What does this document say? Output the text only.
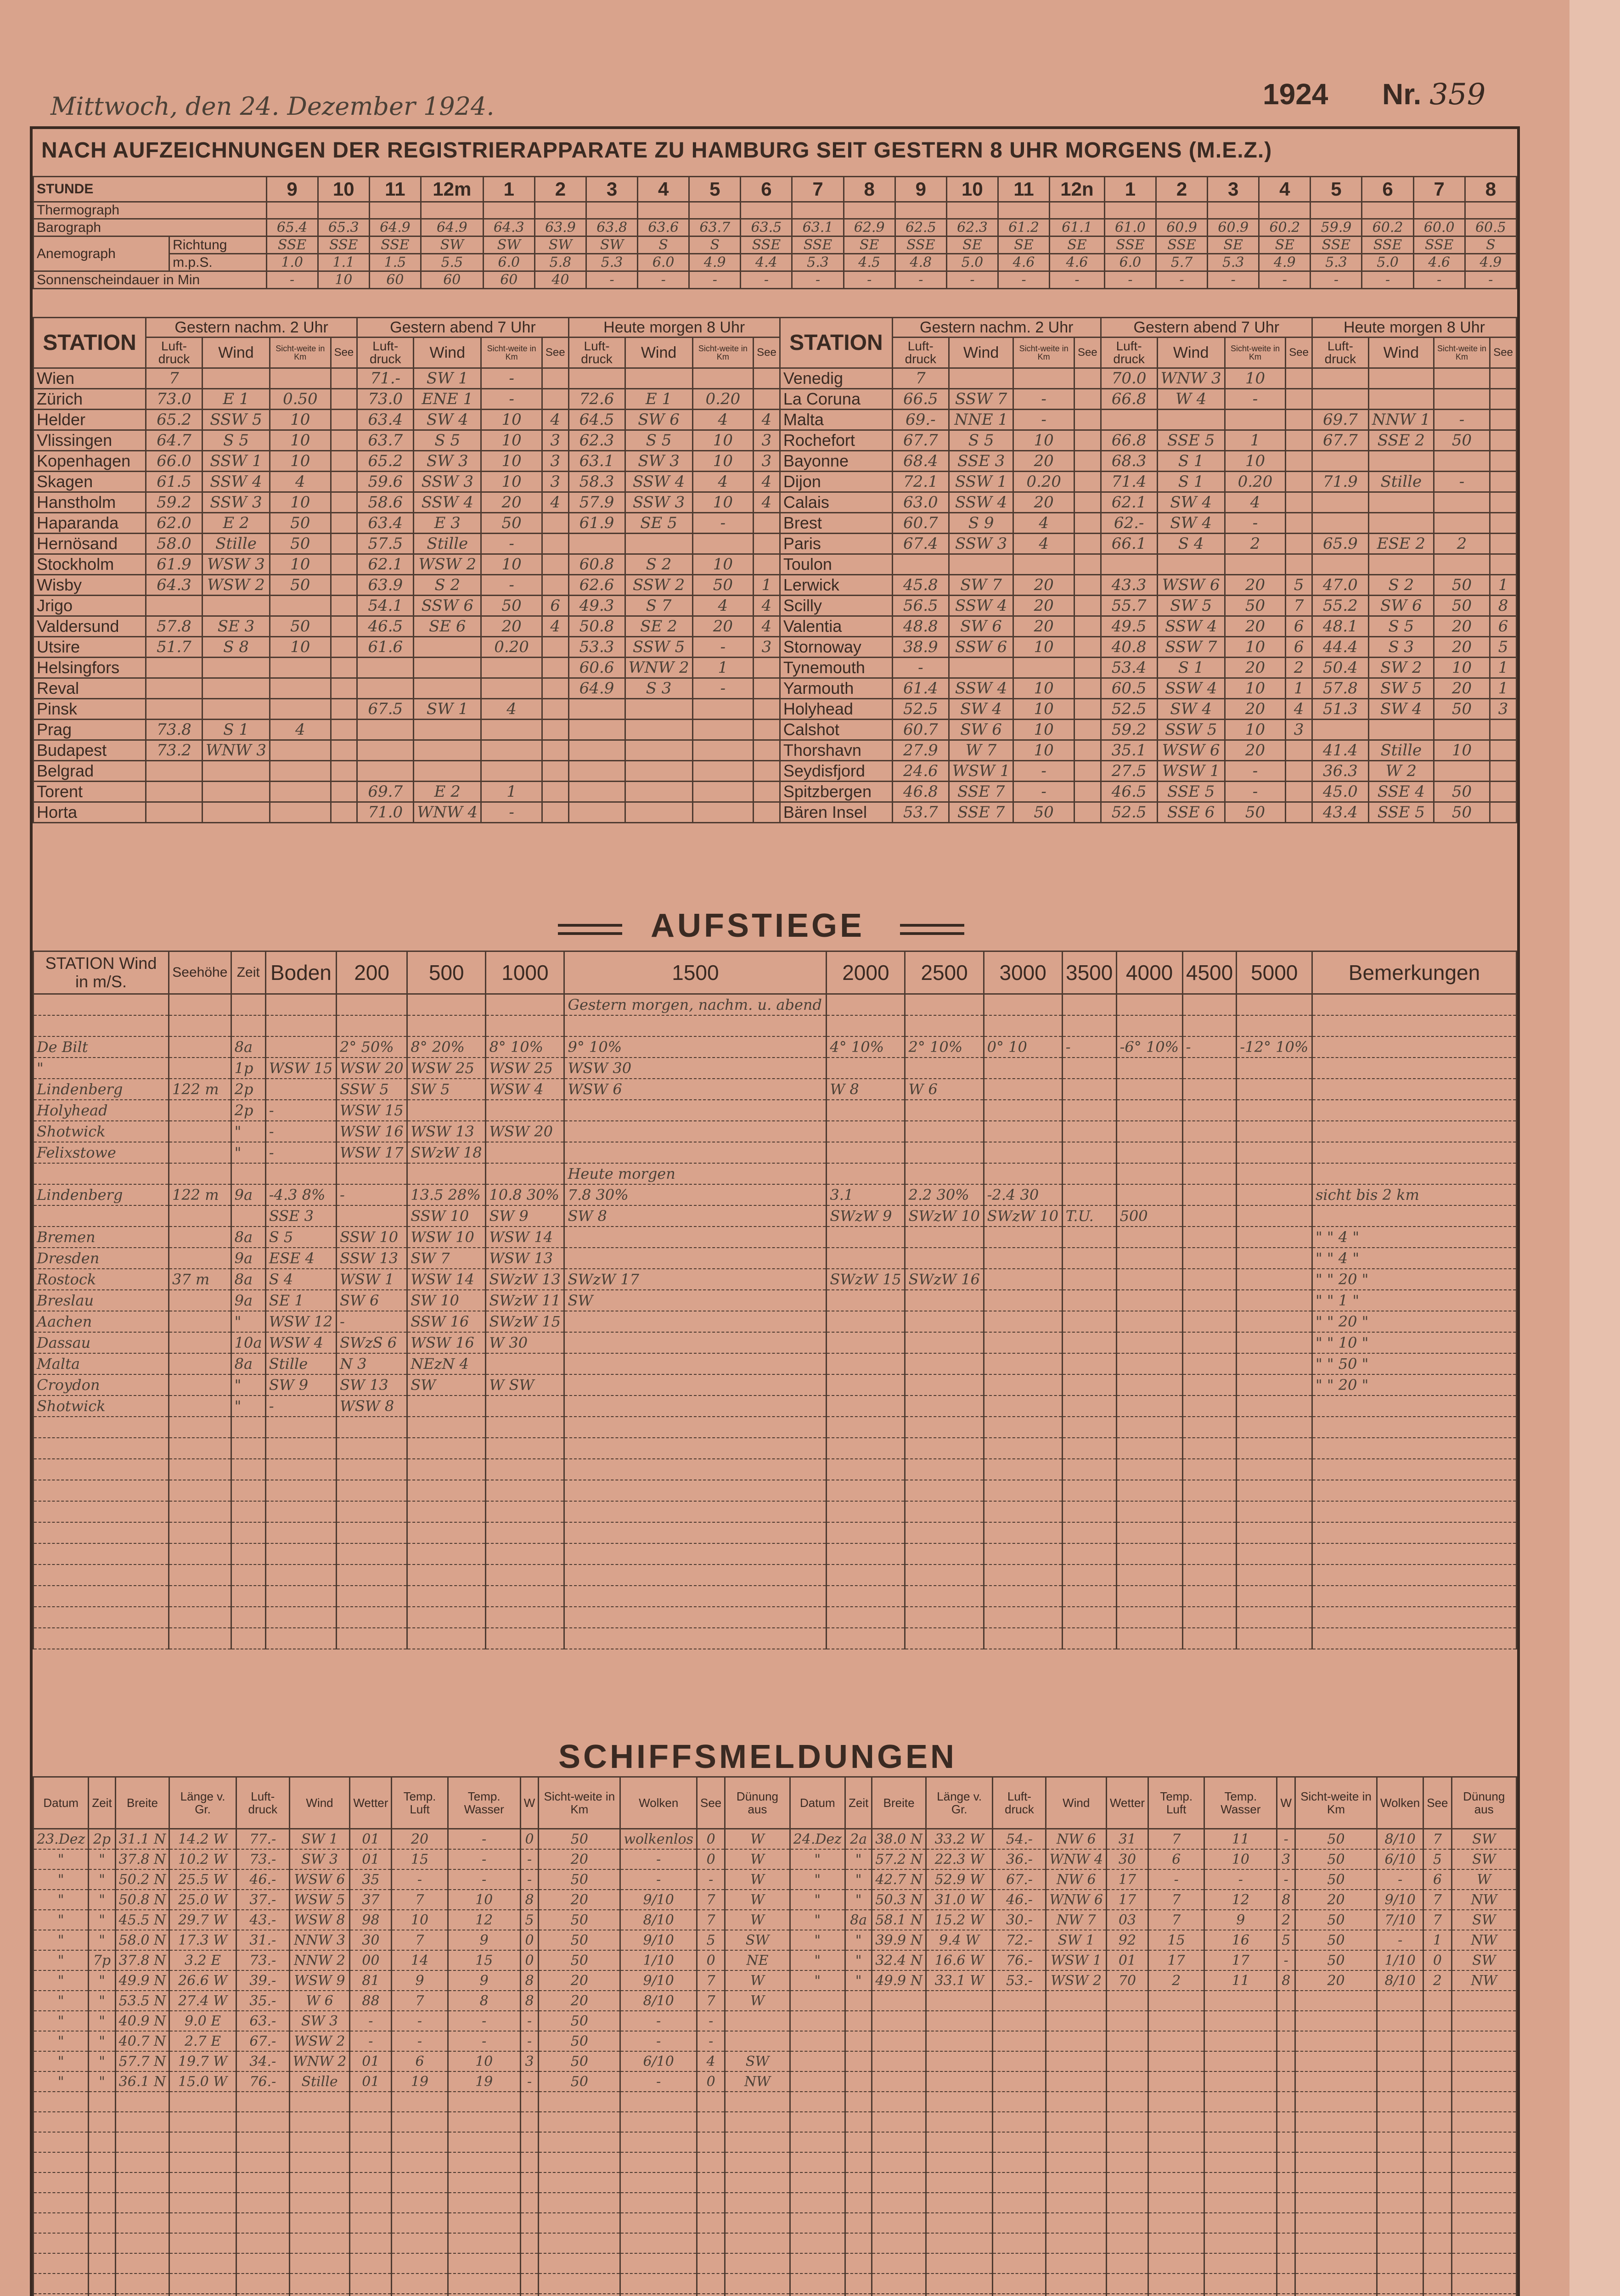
Mittwoch, den 24. Dezember 1924.	1924 Nr. 359
NACH AUFZEICHNUNGEN DER REGISTRIERAPPARATE ZU HAMBURG SEIT GESTERN 8 UHR MORGENS (M.E.Z.)
STUNDE		9	10	11	12m	1	2	3	4	5	6	7	8	9	10	11	12n	1	2	3	4	5	6	7	8
Thermograph																									
Barograph		65.4	65.3	64.9	64.9	64.3	63.9	63.8	63.6	63.7	63.5	63.1	62.9	62.5	62.3	61.2	61.1	61.0	60.9	60.9	60.2	59.9	60.2	60.0	60.5
Anemograph	Richtung	SSE	SSE	SSE	SW	SW	SW	SW	S	S	SSE	SSE	SE	SSE	SE	SE	SE	SSE	SSE	SE	SE	SSE	SSE	SSE	S
	m.p.S.	1.0	1.1	1.5	5.5	6.0	5.8	5.3	6.0	4.9	4.4	5.3	4.5	4.8	5.0	4.6	4.6	6.0	5.7	5.3	4.9	5.3	5.0	4.6	4.9
Sonnenscheindauer in Min		-	10	60	60	60	40	-	-	-	-	-	-	-	-	-	-	-	-	-	-	-	-	-	-
STATION	Gestern nachm. 2 Uhr				Gestern abend 7 Uhr				Heute morgen 8 Uhr				STATION	Gestern nachm. 2 Uhr				Gestern abend 7 Uhr				Heute morgen 8 Uhr			
	Luft-druck	Wind	Sicht-weite in Km	See	Luft-druck	Wind	Sicht-weite in Km	See	Luft-druck	Wind	Sicht-weite in Km	See		Luft-druck	Wind	Sicht-weite in Km	See	Luft-druck	Wind	Sicht-weite in Km	See	Luft-druck	Wind	Sicht-weite in Km	See
Wien	7				71.-	SW 1	-						Venedig	7				70.0	WNW 3	10					
Zürich	73.0	E 1	0.50		73.0	ENE 1	-		72.6	E 1	0.20		La Coruna	66.5	SSW 7	-		66.8	W 4	-					
Helder	65.2	SSW 5	10		63.4	SW 4	10	4	64.5	SW 6	4	4	Malta	69.-	NNE 1	-						69.7	NNW 1	-	
Vlissingen	64.7	S 5	10		63.7	S 5	10	3	62.3	S 5	10	3	Rochefort	67.7	S 5	10		66.8	SSE 5	1		67.7	SSE 2	50	
Kopenhagen	66.0	SSW 1	10		65.2	SW 3	10	3	63.1	SW 3	10	3	Bayonne	68.4	SSE 3	20		68.3	S 1	10					
Skagen	61.5	SSW 4	4		59.6	SSW 3	10	3	58.3	SSW 4	4	4	Dijon	72.1	SSW 1	0.20		71.4	S 1	0.20		71.9	Stille	-	
Hanstholm	59.2	SSW 3	10		58.6	SSW 4	20	4	57.9	SSW 3	10	4	Calais	63.0	SSW 4	20		62.1	SW 4	4					
Haparanda	62.0	E 2	50		63.4	E 3	50		61.9	SE 5	-		Brest	60.7	S 9	4		62.-	SW 4	-					
Hernösand	58.0	Stille	50		57.5	Stille	-						Paris	67.4	SSW 3	4		66.1	S 4	2		65.9	ESE 2	2	
Stockholm	61.9	WSW 3	10		62.1	WSW 2	10		60.8	S 2	10		Toulon												
Wisby	64.3	WSW 2	50		63.9	S 2	-		62.6	SSW 2	50	1	Lerwick	45.8	SW 7	20		43.3	WSW 6	20	5	47.0	S 2	50	1
Jrigo					54.1	SSW 6	50	6	49.3	S 7	4	4	Scilly	56.5	SSW 4	20		55.7	SW 5	50	7	55.2	SW 6	50	8
Valdersund	57.8	SE 3	50		46.5	SE 6	20	4	50.8	SE 2	20	4	Valentia	48.8	SW 6	20		49.5	SSW 4	20	6	48.1	S 5	20	6
Utsire	51.7	S 8	10		61.6		0.20		53.3	SSW 5	-	3	Stornoway	38.9	SSW 6	10		40.8	SSW 7	10	6	44.4	S 3	20	5
Helsingfors									60.6	WNW 2	1		Tynemouth	-				53.4	S 1	20	2	50.4	SW 2	10	1
Reval									64.9	S 3	-		Yarmouth	61.4	SSW 4	10		60.5	SSW 4	10	1	57.8	SW 5	20	1
Pinsk					67.5	SW 1	4						Holyhead	52.5	SW 4	10		52.5	SW 4	20	4	51.3	SW 4	50	3
Prag	73.8	S 1	4										Calshot	60.7	SW 6	10		59.2	SSW 5	10	3				
Budapest	73.2	WNW 3											Thorshavn	27.9	W 7	10		35.1	WSW 6	20		41.4	Stille	10	
Belgrad													Seydisfjord	24.6	WSW 1	-		27.5	WSW 1	-		36.3	W 2		
Torent					69.7	E 2	1						Spitzbergen	46.8	SSE 7	-		46.5	SSE 5	-		45.0	SSE 4	50	
Horta					71.0	WNW 4	-						Bären Insel	53.7	SSE 7	50		52.5	SSE 6	50		43.4	SSE 5	50	
AUFSTIEGE
STATION Wind in m/S.	Seehöhe	Zeit	Boden	200	500	1000	1500	2000	2500	3000	3500	4000	4500	5000	Bemerkungen
							Gestern morgen, nachm. u. abend								

De Bilt		8a		2° 50%	8° 20%	8° 10%	9° 10%	4° 10%	2° 10%	0° 10	-	-6° 10%	-	-12° 10%	
"		1p	WSW 15	WSW 20	WSW 25	WSW 25	WSW 30								
Lindenberg	122 m	2p		SSW 5	SW 5	WSW 4	WSW 6	W 8	W 6						
Holyhead		2p	-	WSW 15											
Shotwick		"	-	WSW 16	WSW 13	WSW 20									
Felixstowe		"	-	WSW 17	SWzW 18										
							Heute morgen								
Lindenberg	122 m	9a	-4.3 8%	-	13.5 28%	10.8 30%	7.8 30%	3.1	2.2 30%	-2.4 30					sicht bis 2 km
			SSE 3		SSW 10	SW 9	SW 8	SWzW 9	SWzW 10	SWzW 10	T.U.	500			
Bremen		8a	S 5	SSW 10	WSW 10	WSW 14									" " 4 "
Dresden		9a	ESE 4	SSW 13	SW 7	WSW 13									" " 4 "
Rostock	37 m	8a	S 4	WSW 1	WSW 14	SWzW 13	SWzW 17	SWzW 15	SWzW 16						" " 20 "
Breslau		9a	SE 1	SW 6	SW 10	SWzW 11	SW								" " 1 "
Aachen		"	WSW 12	-	SSW 16	SWzW 15									" " 20 "
Dassau		10a	WSW 4	SWzS 6	WSW 16	W 30									" " 10 "
Malta		8a	Stille	N 3	NEzN 4										" " 50 "
Croydon		"	SW 9	SW 13	SW	W SW									" " 20 "
Shotwick		"	-	WSW 8											

SCHIFFSMELDUNGEN
Datum	Zeit	Breite	Länge v. Gr.	Luft-druck	Wind	Wetter	Temp. Luft	Temp. Wasser	W	Sicht-weite in Km	Wolken	See	Dünung aus	Datum	Zeit	Breite	Länge v. Gr.	Luft-druck	Wind	Wetter	Temp. Luft	Temp. Wasser	W	Sicht-weite in Km	Wolken	See	Dünung aus
23.Dez	2p	31.1 N	14.2 W	77.-	SW 1	01	20	-	0	50	wolkenlos	0	W	24.Dez	2a	38.0 N	33.2 W	54.-	NW 6	31	7	11	-	50	8/10	7	SW
"	"	37.8 N	10.2 W	73.-	SW 3	01	15	-	-	20	-	0	W	"	"	57.2 N	22.3 W	36.-	WNW 4	30	6	10	3	50	6/10	5	SW
"	"	50.2 N	25.5 W	46.-	WSW 6	35	-	-	-	50	-	-	W	"	"	42.7 N	52.9 W	67.-	NW 6	17	-	-	-	50	-	6	W
"	"	50.8 N	25.0 W	37.-	WSW 5	37	7	10	8	20	9/10	7	W	"	"	50.3 N	31.0 W	46.-	WNW 6	17	7	12	8	20	9/10	7	NW
"	"	45.5 N	29.7 W	43.-	WSW 8	98	10	12	5	50	8/10	7	W	"	8a	58.1 N	15.2 W	30.-	NW 7	03	7	9	2	50	7/10	7	SW
"	"	58.0 N	17.3 W	31.-	NNW 3	30	7	9	0	50	9/10	5	SW	"	"	39.9 N	9.4 W	72.-	SW 1	92	15	16	5	50	-	1	NW
"	7p	37.8 N	3.2 E	73.-	NNW 2	00	14	15	0	50	1/10	0	NE	"	"	32.4 N	16.6 W	76.-	WSW 1	01	17	17	-	50	1/10	0	SW
"	"	49.9 N	26.6 W	39.-	WSW 9	81	9	9	8	20	9/10	7	W	"	"	49.9 N	33.1 W	53.-	WSW 2	70	2	11	8	20	8/10	2	NW
"	"	53.5 N	27.4 W	35.-	W 6	88	7	8	8	20	8/10	7	W														
"	"	40.9 N	9.0 E	63.-	SW 3	-	-	-	-	50	-	-															
"	"	40.7 N	2.7 E	67.-	WSW 2	-	-	-	-	50	-	-															
"	"	57.7 N	19.7 W	34.-	WNW 2	01	6	10	3	50	6/10	4	SW														
"	"	36.1 N	15.0 W	76.-	Stille	01	19	19	-	50	-	0	NW														
